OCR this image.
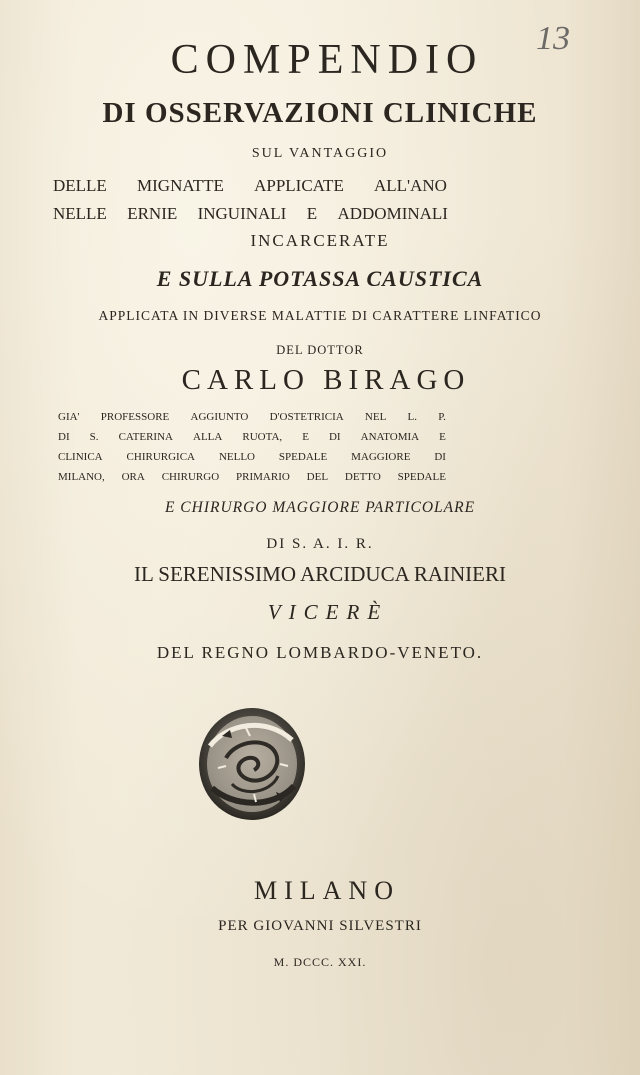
13
COMPENDIO
DI OSSERVAZIONI CLINICHE
SUL VANTAGGIO
DELLE MIGNATTE APPLICATE ALL'ANO
NELLE ERNIE INGUINALI E ADDOMINALI
INCARCERATE
E SULLA POTASSA CAUSTICA
APPLICATA IN DIVERSE MALATTIE DI CARATTERE LINFATICO
DEL DOTTOR
CARLO BIRAGO
GIA' PROFESSORE AGGIUNTO D'OSTETRICIA NEL L. P.
DI S. CATERINA ALLA RUOTA, E DI ANATOMIA E
CLINICA CHIRURGICA NELLO SPEDALE MAGGIORE DI
MILANO, ORA CHIRURGO PRIMARIO DEL DETTO SPEDALE
E CHIRURGO MAGGIORE PARTICOLARE
DI S. A. I. R.
IL SERENISSIMO ARCIDUCA RAINIERI
VICERÈ
DEL REGNO LOMBARDO-VENETO.
MILANO
PER GIOVANNI SILVESTRI
M. DCCC. XXI.
